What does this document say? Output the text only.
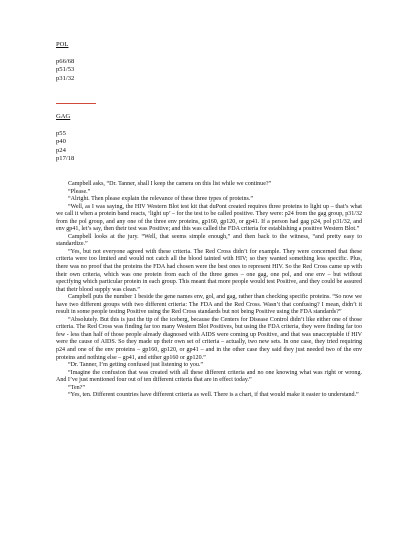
POL
p66/68
p51/53
p31/32
GAG
p55
p40
p24
p17/18

Campbell asks, “Dr. Tanner, shall I keep the camera on this list while we continue?”

“Please.”

“Alright. Then please explain the relevance of these three types of proteins.”

“Well, as I was saying, the HIV Western Blot test kit that duPont created requires three proteins to light up – that’s what we call it when a protein band reacts, ‘light up’ – for the test to be called positive. They were: p24 from the gag group, p31/32 from the pol group, and any one of the three env proteins, gp160, gp120, or gp41. If a person had gag p24, pol p31/32, and env gp41, let’s say, then their test was Positive; and this was called the FDA criteria for establishing a positive Western Blot.”

Campbell looks at the jury. “Well, that seems simple enough,” and then back to the witness, “and pretty easy to standardize.”

“Yes, but not everyone agreed with these criteria. The Red Cross didn’t for example. They were concerned that these criteria were too limited and would not catch all the blood tainted with HIV; so they wanted something less specific. Plus, there was no proof that the proteins the FDA had chosen were the best ones to represent HIV. So the Red Cross came up with their own criteria, which was one protein from each of the three genes – one gag, one pol, and one env – but without specifying which particular protein in each group. This meant that more people would test Positive, and they could be assured that their blood supply was clean.”

Campbell puts the number 1 beside the gene names env, gol, and gag, rather than checking specific proteins. “So now we have two different groups with two different criteria: The FDA and the Red Cross. Wasn’t that confusing? I mean, didn’t it result in some people testing Positive using the Red Cross standards but not being Positive using the FDA standards?”

“Absolutely. But this is just the tip of the iceberg, because the Centers for Disease Control didn’t like either one of those criteria. The Red Cross was finding far too many Western Blot Positives, but using the FDA criteria, they were finding far too few - less than half of those people already diagnosed with AIDS were coming up Positive, and that was unacceptable if HIV were the cause of AIDS. So they made up their own set of criteria – actually, two new sets. In one case, they tried requiring p24 and one of the env proteins – gp160, gp120, or gp41 – and in the other case they said they just needed two of the env proteins and nothing else – gp41, and either gp160 or gp120.”

“Dr. Tanner, I’m getting confused just listening to you.”

“Imagine the confusion that was created with all these different criteria and no one knowing what was right or wrong. And I’ve just mentioned four out of ten different criteria that are in effect today.”

“Ten?”

“Yes, ten. Different countries have different criteria as well. There is a chart, if that would make it easier to understand.”
